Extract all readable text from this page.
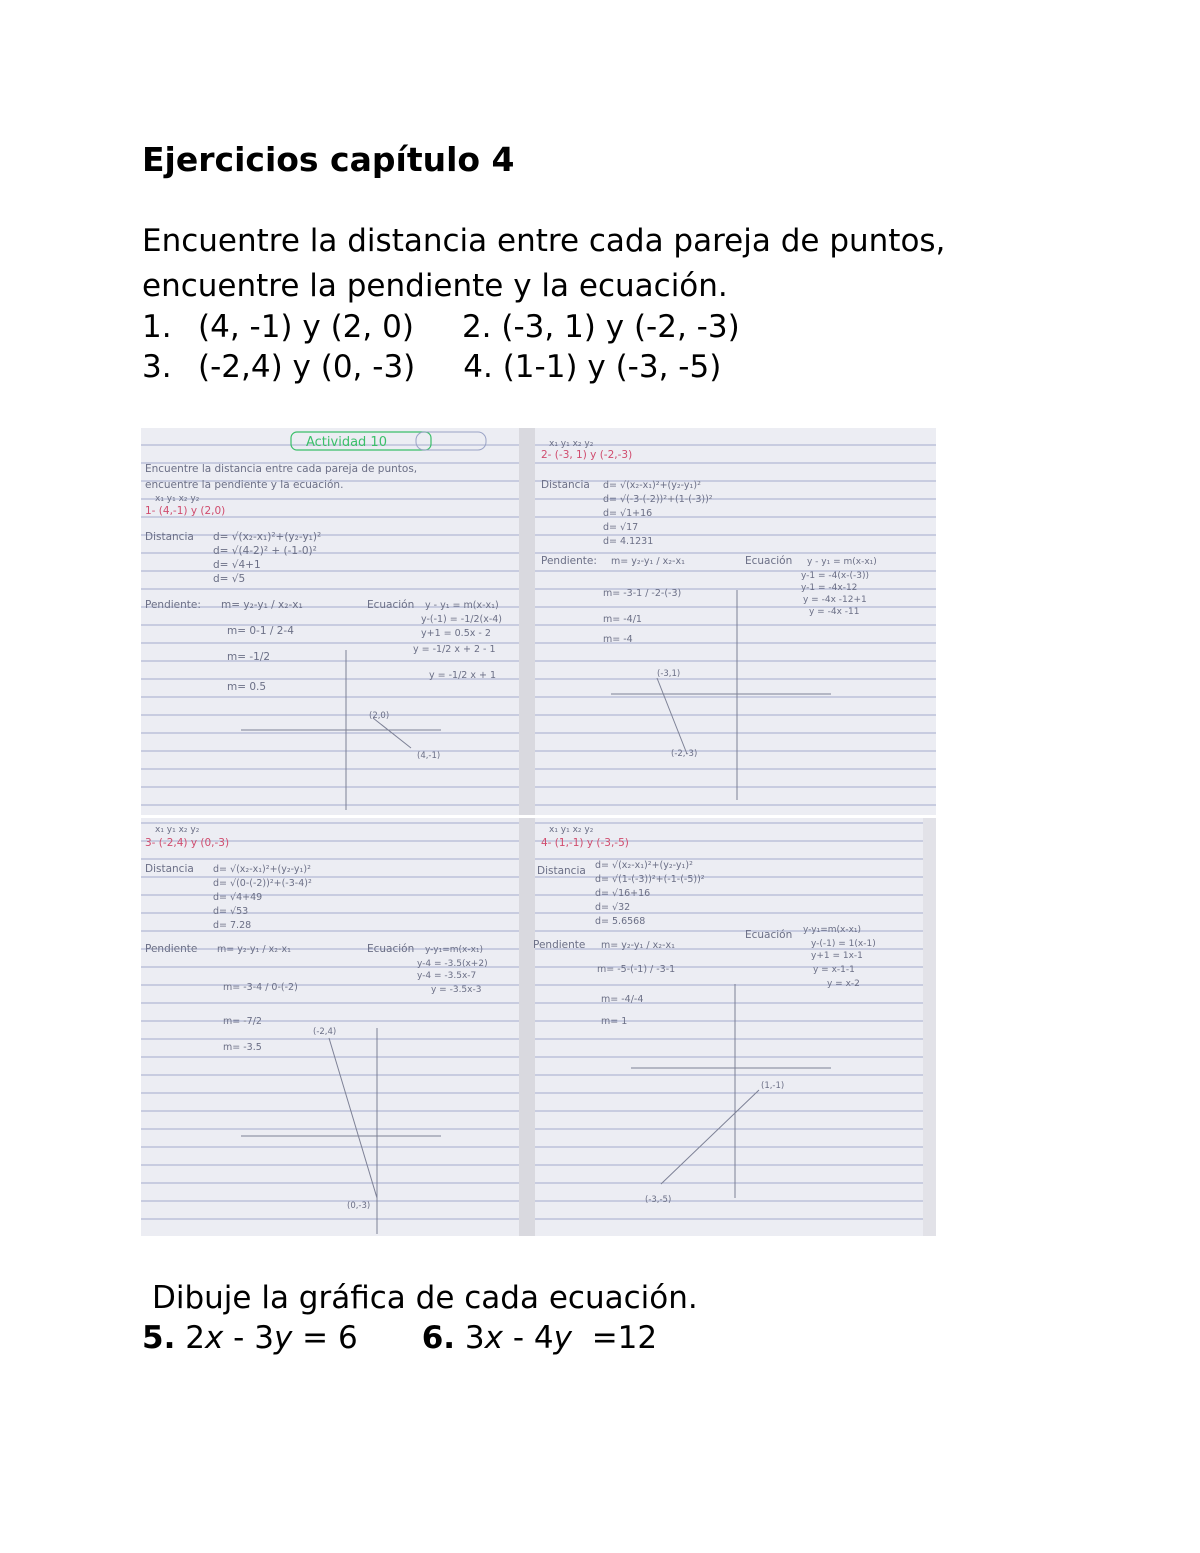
Ejercicios capítulo 4
Encuentre la distancia entre cada pareja de puntos,
encuentre la pendiente y la ecuación.
1. (4, -1) y (2, 0) 2. (-3, 1) y (-2, -3)
3. (-2,4) y (0, -3) 4. (1-1) y (-3, -5)
Actividad 10
Encuentre la distancia entre cada pareja de puntos,
encuentre la pendiente y la ecuación.
x₁ y₁ x₂ y₂
1- (4,-1) y (2,0)
Distancia d= √(x₂-x₁)²+(y₂-y₁)²
d= √(4-2)² + (-1-0)²
d= √4+1
d= √5
Pendiente: m= y₂-y₁ / x₂-x₁
m= 0-1 / 2-4
m= -1/2
m= 0.5
Ecuación y - y₁ = m(x-x₁)
y-(-1) = -1/2(x-4)
y+1 = 0.5x - 2
y = -1/2 x + 2 - 1
y = -1/2 x + 1
(2,0)
(4,-1)
x₁ y₁ x₂ y₂
2- (-3, 1) y (-2,-3)
Distancia d= √(x₂-x₁)²+(y₂-y₁)²
d= √(-3-(-2))²+(1-(-3))²
d= √1+16
d= √17
d= 4.1231
Pendiente: m= y₂-y₁ / x₂-x₁
m= -3-1 / -2-(-3)
m= -4/1
m= -4
Ecuación y - y₁ = m(x-x₁)
y-1 = -4(x-(-3))
y-1 = -4x-12
y = -4x -12+1
y = -4x -11
(-3,1)
(-2,-3)
x₁ y₁ x₂ y₂
3- (-2,4) y (0,-3)
Distancia d= √(x₂-x₁)²+(y₂-y₁)²
d= √(0-(-2))²+(-3-4)²
d= √4+49
d= √53
d= 7.28
Pendiente m= y₂-y₁ / x₂-x₁
m= -3-4 / 0-(-2)
m= -7/2
m= -3.5
Ecuación y-y₁=m(x-x₁)
y-4 = -3.5(x+2)
y-4 = -3.5x-7
y = -3.5x-3
(-2,4)
(0,-3)
x₁ y₁ x₂ y₂
4- (1,-1) y (-3,-5)
Distancia d= √(x₂-x₁)²+(y₂-y₁)²
d= √(1-(-3))²+(-1-(-5))²
d= √16+16
d= √32
d= 5.6568
Pendiente m= y₂-y₁ / x₂-x₁
m= -5-(-1) / -3-1
m= -4/-4
m= 1
Ecuación y-y₁=m(x-x₁)
y-(-1) = 1(x-1)
y+1 = 1x-1
y = x-1-1
y = x-2
(1,-1)
(-3,-5)
Dibuje la gráfica de cada ecuación.
5. 2x - 3y = 6 6. 3x - 4y  =12
